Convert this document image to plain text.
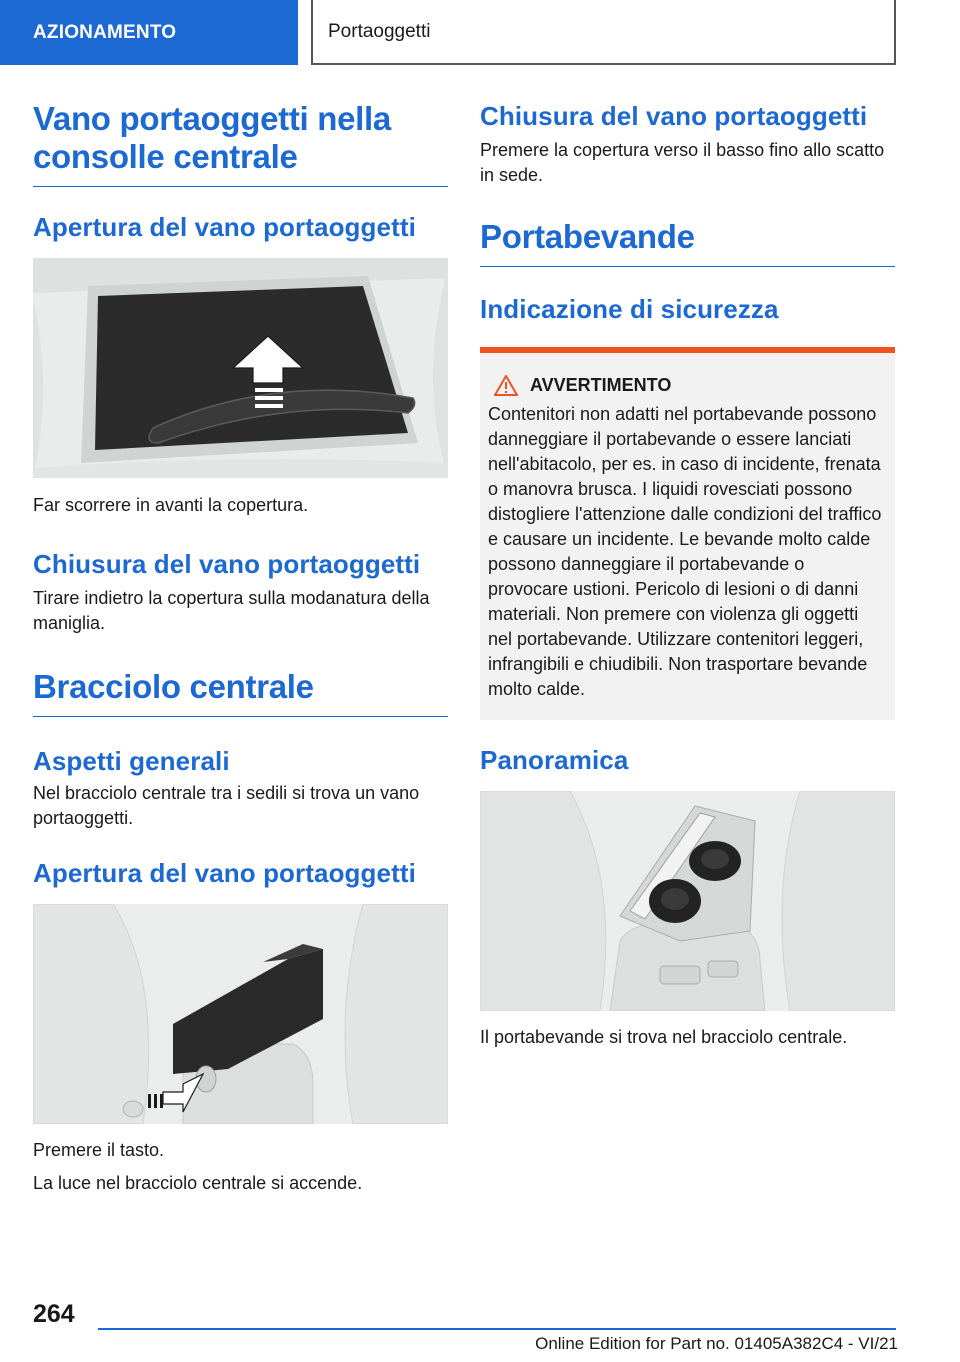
AZIONAMENTO	Portaoggetti
Vano portaoggetti nella consolle centrale
Apertura del vano portaoggetti

Far scorrere in avanti la copertura.

Chiusura del vano portaoggetti

Tirare indietro la copertura sulla modanatura della maniglia.

Bracciolo centrale
Aspetti generali

Nel bracciolo centrale tra i sedili si trova un vano portaoggetti.

Apertura del vano portaoggetti

Premere il tasto.

La luce nel bracciolo centrale si accende.

Chiusura del vano portaoggetti

Premere la copertura verso il basso fino allo scatto in sede.

Portabevande
Indicazione di sicurezza
AVVERTIMENTO

Contenitori non adatti nel portabevande possono danneggiare il portabevande o essere lanciati nell'abitacolo, per es. in caso di incidente, frenata o manovra brusca. I liquidi rovesciati possono distogliere l'attenzione dalle condizioni del traffico e causare un incidente. Le bevande molto calde possono danneggiare il portabevande o provocare ustioni. Pericolo di lesioni o di danni materiali. Non premere con violenza gli oggetti nel portabevande. Utilizzare contenitori leggeri, infrangibili e chiudibili. Non trasportare bevande molto calde.

Panoramica

Il portabevande si trova nel bracciolo centrale.

264
Online Edition for Part no. 01405A382C4 - VI/21
